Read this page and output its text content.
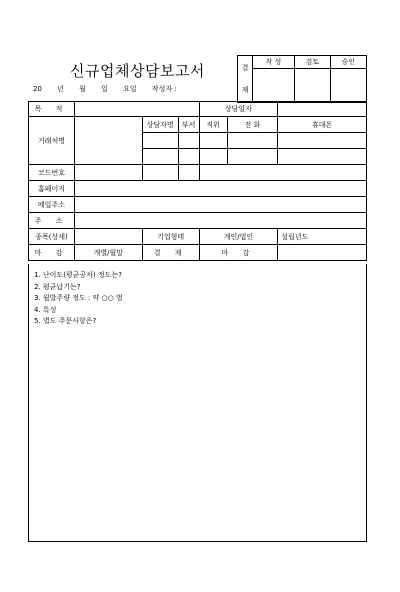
신규업체상담보고서
20 년 월 일 요일 작성자 :
결
재	작 성	검토	승인

목 적				상담일자		
거래처명		상담자명	부서	직위	전 화	휴대폰

코드번호						
홈페이지						
메일주소						
주 소						
종목(상세)		기업형태		개인/법인		설립년도
마 감	개별/월말	결 재		마 감		
1. 난이도(평균공차) 정도는?
2. 평균납기는?
3. 월발주량 정도 : 약 ○○ 벌
4. 특성
5. 별도 주문사항은?
